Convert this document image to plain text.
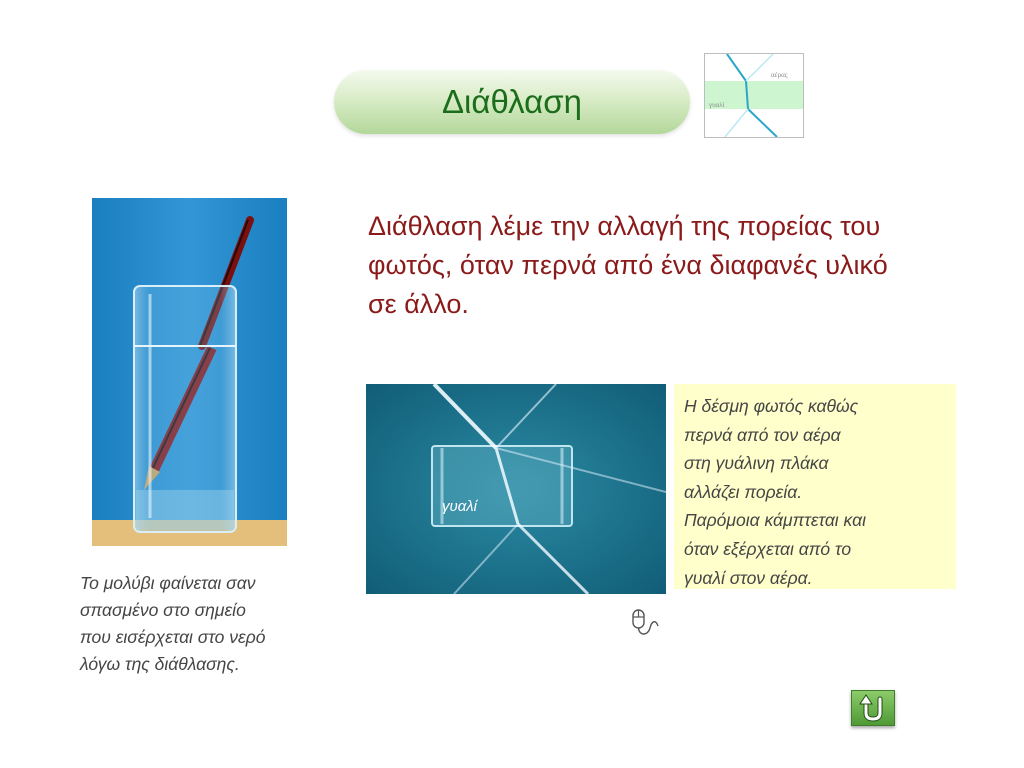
Διάθλαση
αέρας
γυαλί
Διάθλαση λέμε την αλλαγή της πορείας του φωτός, όταν περνά από ένα διαφανές υλικό σε άλλο.
γυαλί
Η δέσμη φωτός καθώς
περνά από τον αέρα
στη γυάλινη πλάκα
αλλάζει πορεία.
Παρόμοια κάμπτεται και
όταν εξέρχεται από το
γυαλί στον αέρα.
Το μολύβι φαίνεται σαν
σπασμένο στο σημείο
που εισέρχεται στο νερό
λόγω της διάθλασης.
